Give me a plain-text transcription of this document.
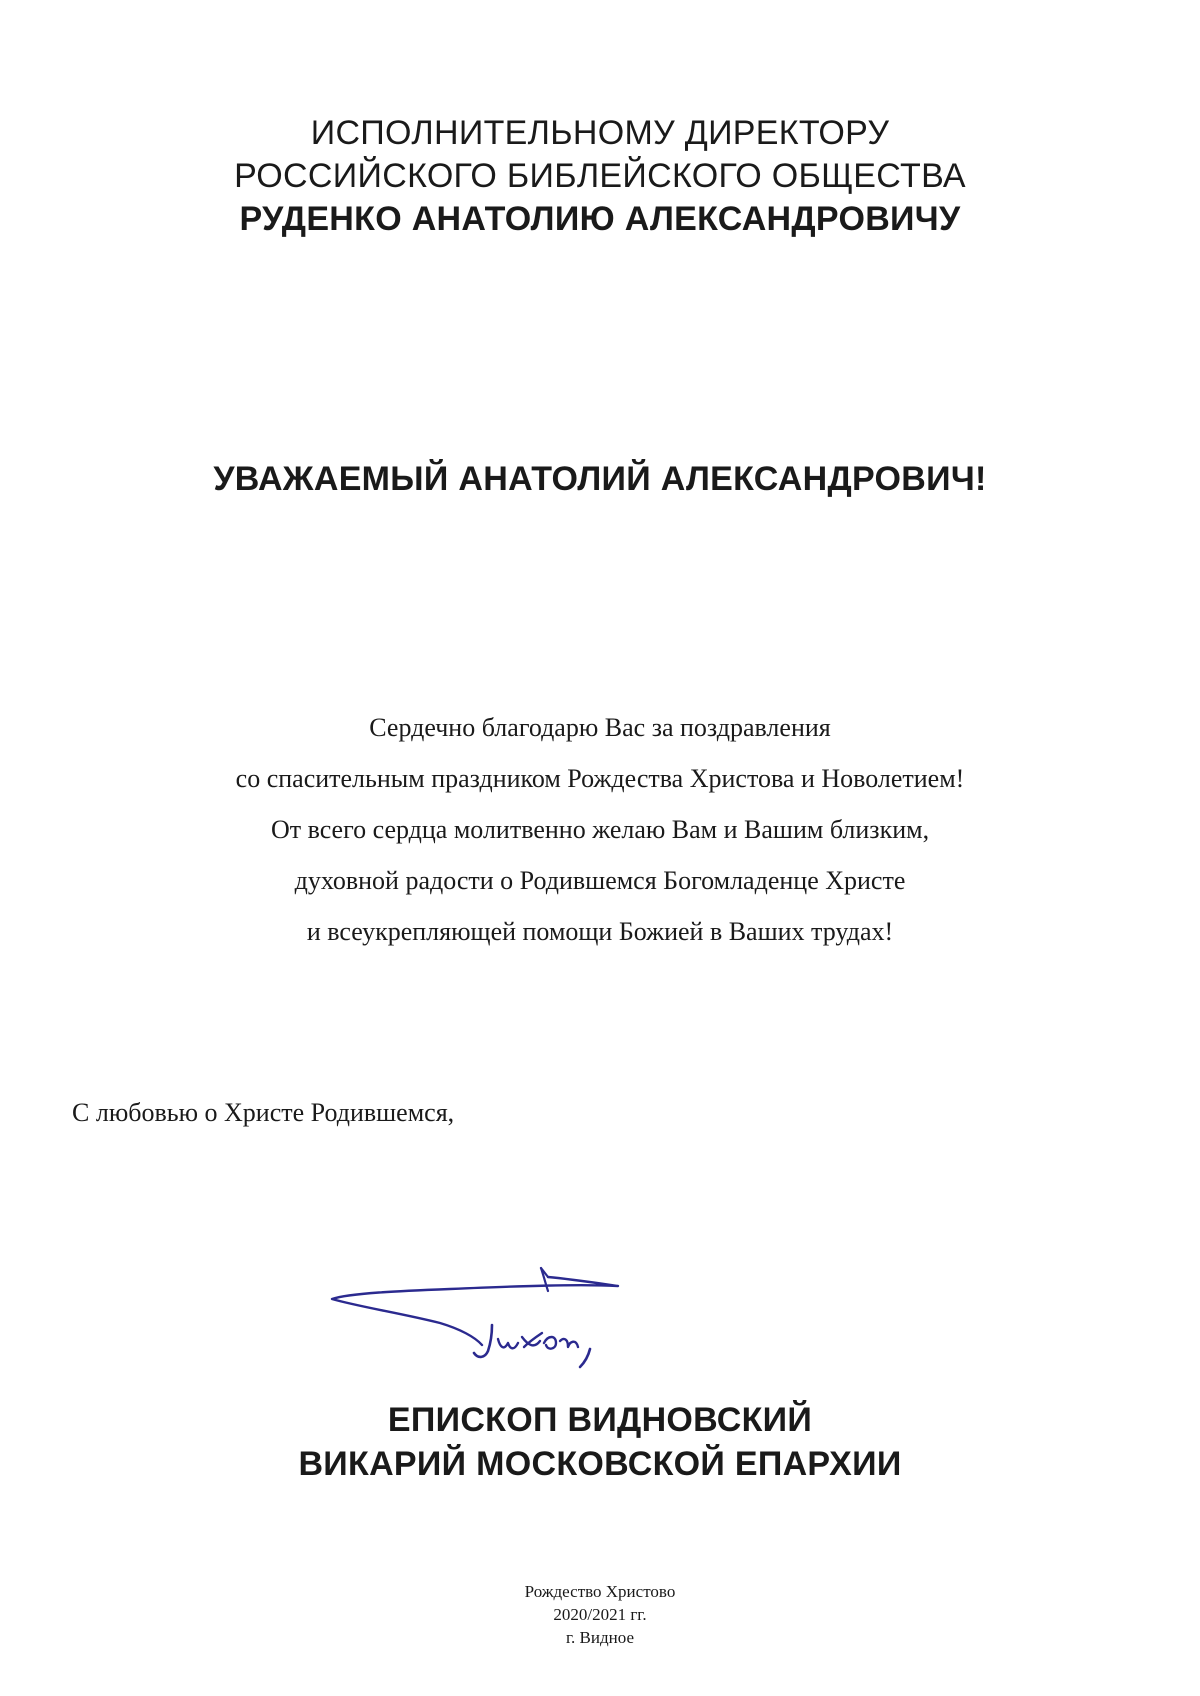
ИСПОЛНИТЕЛЬНОМУ ДИРЕКТОРУ
РОССИЙСКОГО БИБЛЕЙСКОГО ОБЩЕСТВА
РУДЕНКО АНАТОЛИЮ АЛЕКСАНДРОВИЧУ
УВАЖАЕМЫЙ АНАТОЛИЙ АЛЕКСАНДРОВИЧ!
Сердечно благодарю Вас за поздравления
со спасительным праздником Рождества Христова и Новолетием!
От всего сердца молитвенно желаю Вам и Вашим близким,
духовной радости о Родившемся Богомладенце Христе
и всеукрепляющей помощи Божией в Ваших трудах!
С любовью о Христе Родившемся,
ЕПИСКОП ВИДНОВСКИЙ
ВИКАРИЙ МОСКОВСКОЙ ЕПАРХИИ
Рождество Христово
2020/2021 гг.
г. Видное
